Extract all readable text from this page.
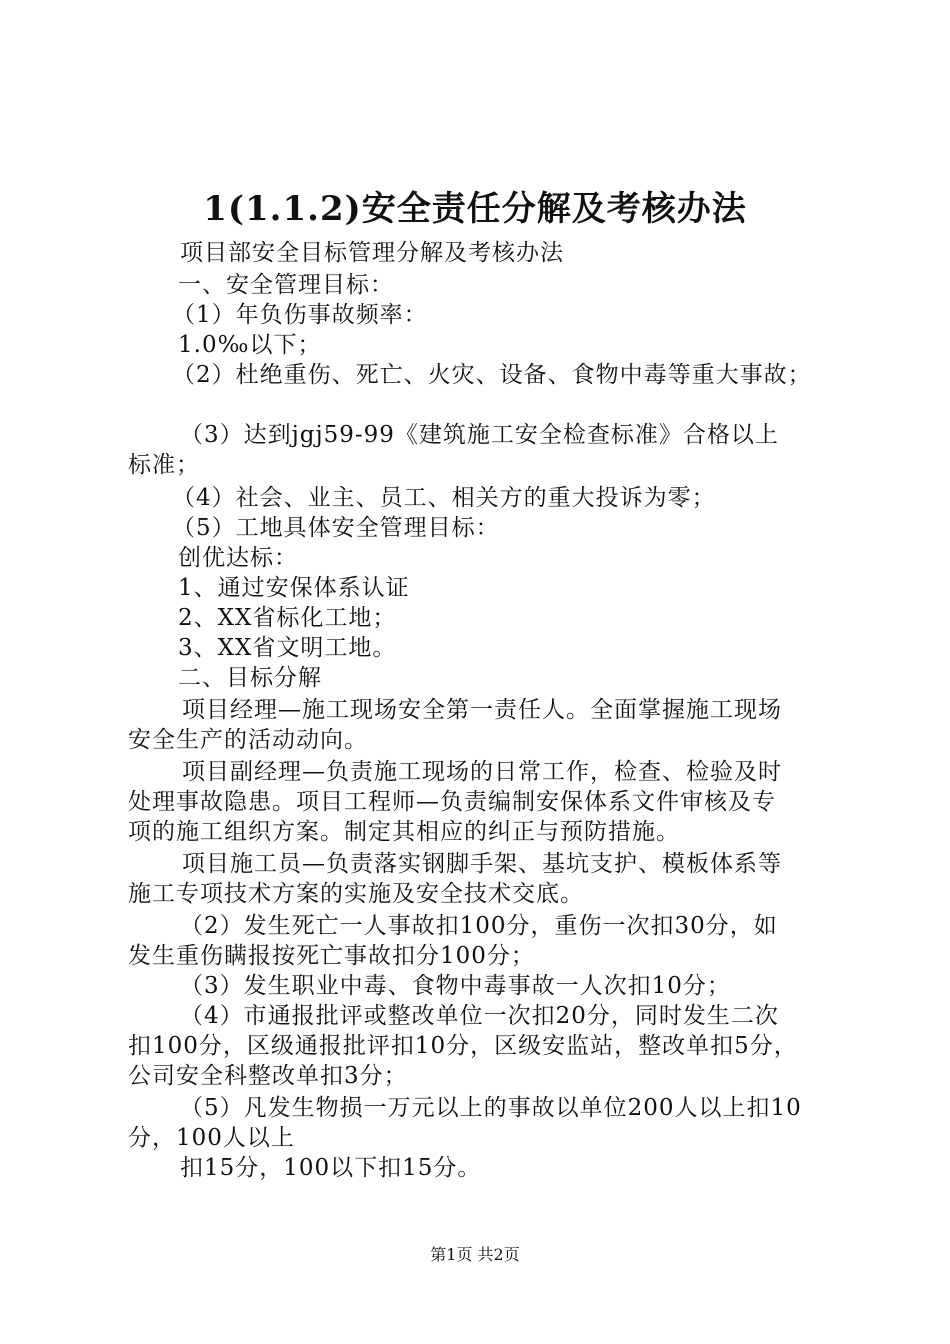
1(1.1.2)安全责任分解及考核办法
项目部安全目标管理分解及考核办法
一、安全管理目标：
（1）年负伤事故频率：
1.0‰以下；
（2）杜绝重伤、死亡、火灾、设备、食物中毒等重大事故；
（3）达到jgj59-99《建筑施工安全检查标准》合格以上
标准；
（4）社会、业主、员工、相关方的重大投诉为零；
（5）工地具体安全管理目标：
创优达标：
1、通过安保体系认证
2、XX省标化工地；
3、XX省文明工地。
二、目标分解
项目经理—施工现场安全第一责任人。全面掌握施工现场
安全生产的活动动向。
项目副经理—负责施工现场的日常工作，检查、检验及时
处理事故隐患。项目工程师—负责编制安保体系文件审核及专
项的施工组织方案。制定其相应的纠正与预防措施。
项目施工员—负责落实钢脚手架、基坑支护、模板体系等
施工专项技术方案的实施及安全技术交底。
（2）发生死亡一人事故扣100分，重伤一次扣30分，如
发生重伤瞒报按死亡事故扣分100分；
（3）发生职业中毒、食物中毒事故一人次扣10分；
（4）市通报批评或整改单位一次扣20分，同时发生二次
扣100分，区级通报批评扣10分，区级安监站，整改单扣5分，
公司安全科整改单扣3分；
（5）凡发生物损一万元以上的事故以单位200人以上扣10
分，100人以上
扣15分，100以下扣15分。
第1页 共2页
